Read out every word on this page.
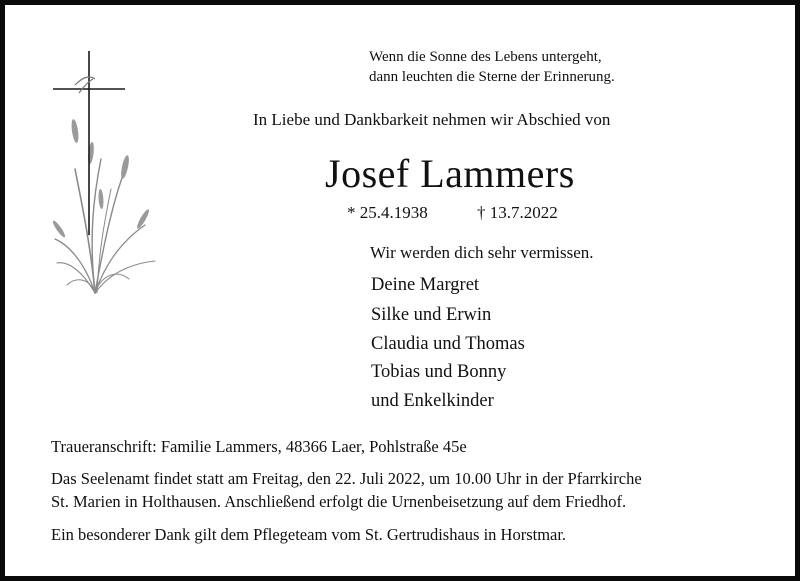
Wenn die Sonne des Lebens untergeht,
dann leuchten die Sterne der Erinnerung.
In Liebe und Dankbarkeit nehmen wir Abschied von
Josef Lammers
* 25.4.1938	† 13.7.2022
Wir werden dich sehr vermissen.
Deine Margret
Silke und Erwin
Claudia und Thomas
Tobias und Bonny
und Enkelkinder
Traueranschrift: Familie Lammers, 48366 Laer, Pohlstraße 45e
Das Seelenamt findet statt am Freitag, den 22. Juli 2022, um 10.00 Uhr in der Pfarrkirche
St. Marien in Holthausen. Anschließend erfolgt die Urnenbeisetzung auf dem Friedhof.
Ein besonderer Dank gilt dem Pflegeteam vom St. Gertrudishaus in Horstmar.
